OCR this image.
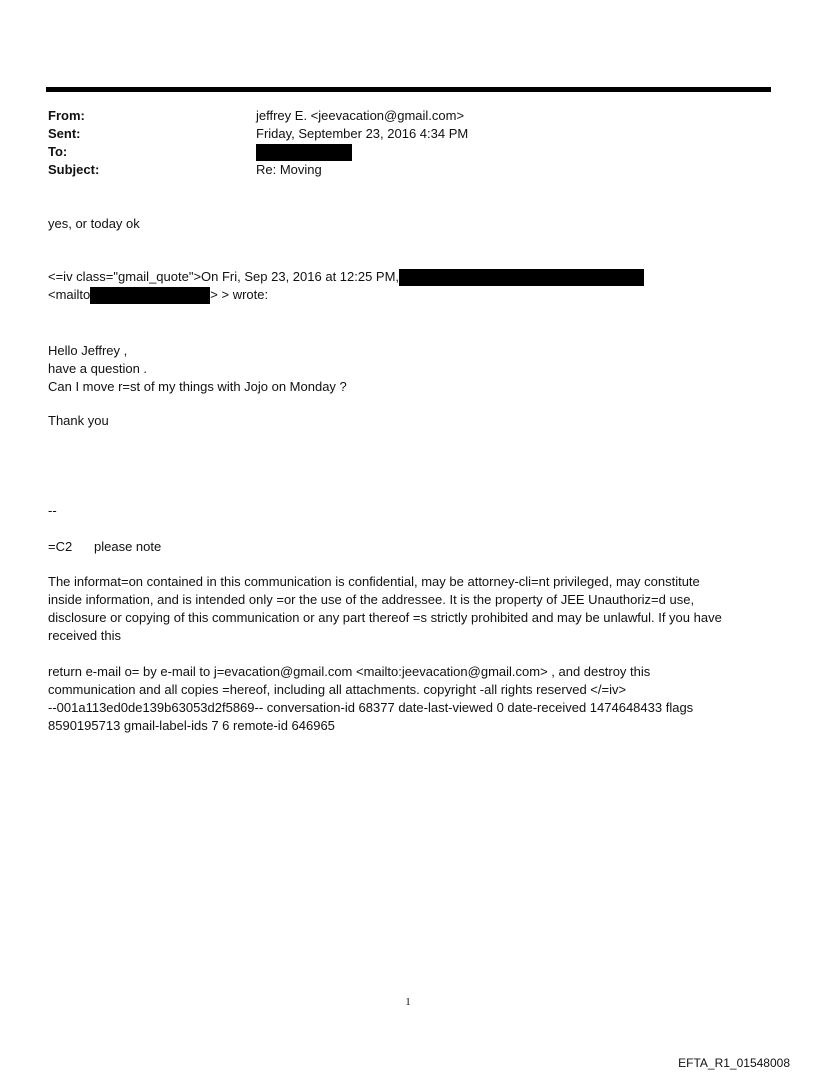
From:	jeffrey E. <jeevacation@gmail.com>
Sent:	Friday, September 23, 2016 4:34 PM
To:
Subject:	Re: Moving
yes, or today ok
<=iv class="gmail_quote">On Fri, Sep 23, 2016 at 12:25 PM,
<mailto	> > wrote:
Hello Jeffrey ,
have a question .
Can I move r=st of my things with Jojo on Monday ?
Thank you
--
=C2 please note
The informat=on contained in this communication is confidential, may be attorney-cli=nt privileged, may constitute
inside information, and is intended only =or the use of the addressee. It is the property of JEE Unauthoriz=d use,
disclosure or copying of this communication or any part thereof =s strictly prohibited and may be unlawful. If you have
received this
return e-mail o= by e-mail to j=evacation@gmail.com <mailto:jeevacation@gmail.com> , and destroy this
communication and all copies =hereof, including all attachments. copyright -all rights reserved </=iv>
--001a113ed0de139b63053d2f5869-- conversation-id 68377 date-last-viewed 0 date-received 1474648433 flags
8590195713 gmail-label-ids 7 6 remote-id 646965
1
EFTA_R1_01548008
